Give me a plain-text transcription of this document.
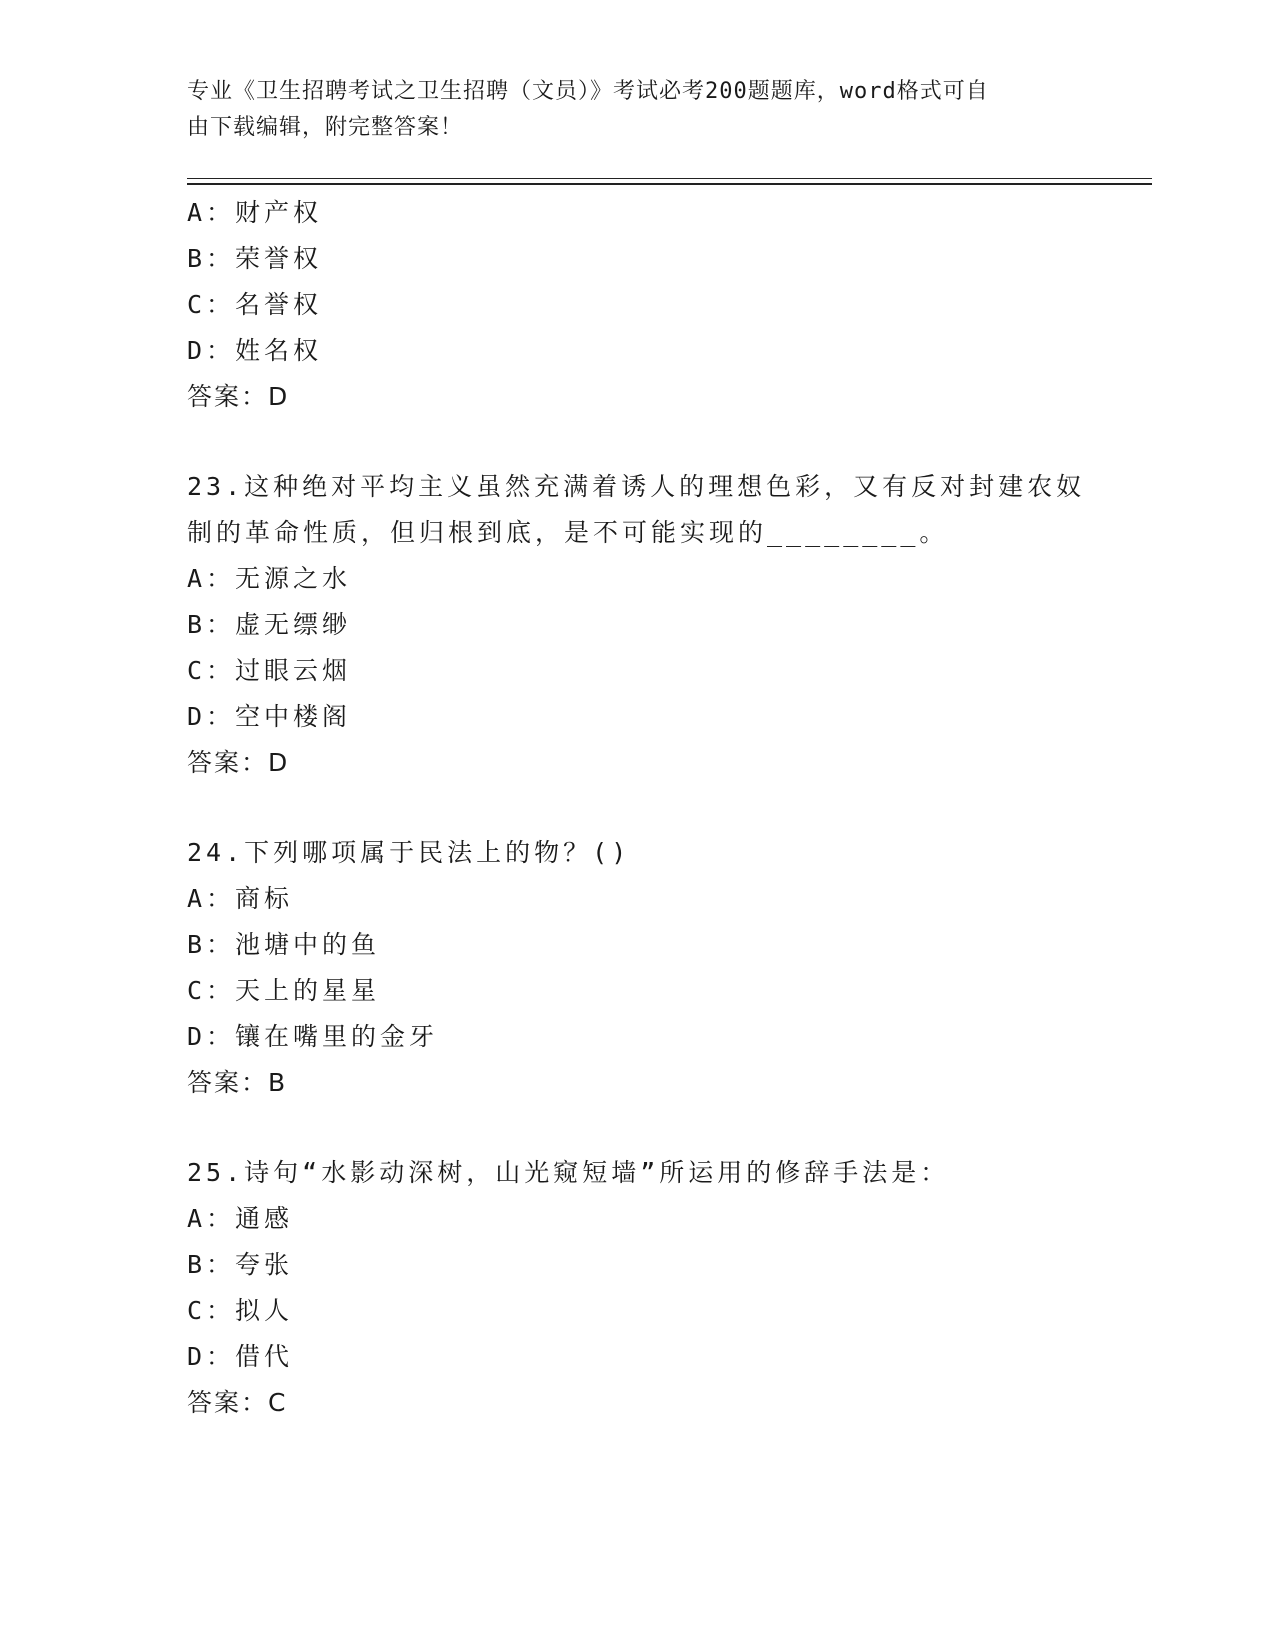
专业《卫生招聘考试之卫生招聘（文员）》考试必考200题题库，word格式可自
由下载编辑，附完整答案！
A：财产权
B：荣誉权
C：名誉权
D：姓名权
答案：D
23.这种绝对平均主义虽然充满着诱人的理想色彩，又有反对封建农奴
制的革命性质，但归根到底，是不可能实现的________。
A：无源之水
B：虚无缥缈
C：过眼云烟
D：空中楼阁
答案：D
24.下列哪项属于民法上的物？()
A：商标
B：池塘中的鱼
C：天上的星星
D：镶在嘴里的金牙
答案：B
25.诗句“水影动深树，山光窥短墙”所运用的修辞手法是：
A：通感
B：夸张
C：拟人
D：借代
答案：C
